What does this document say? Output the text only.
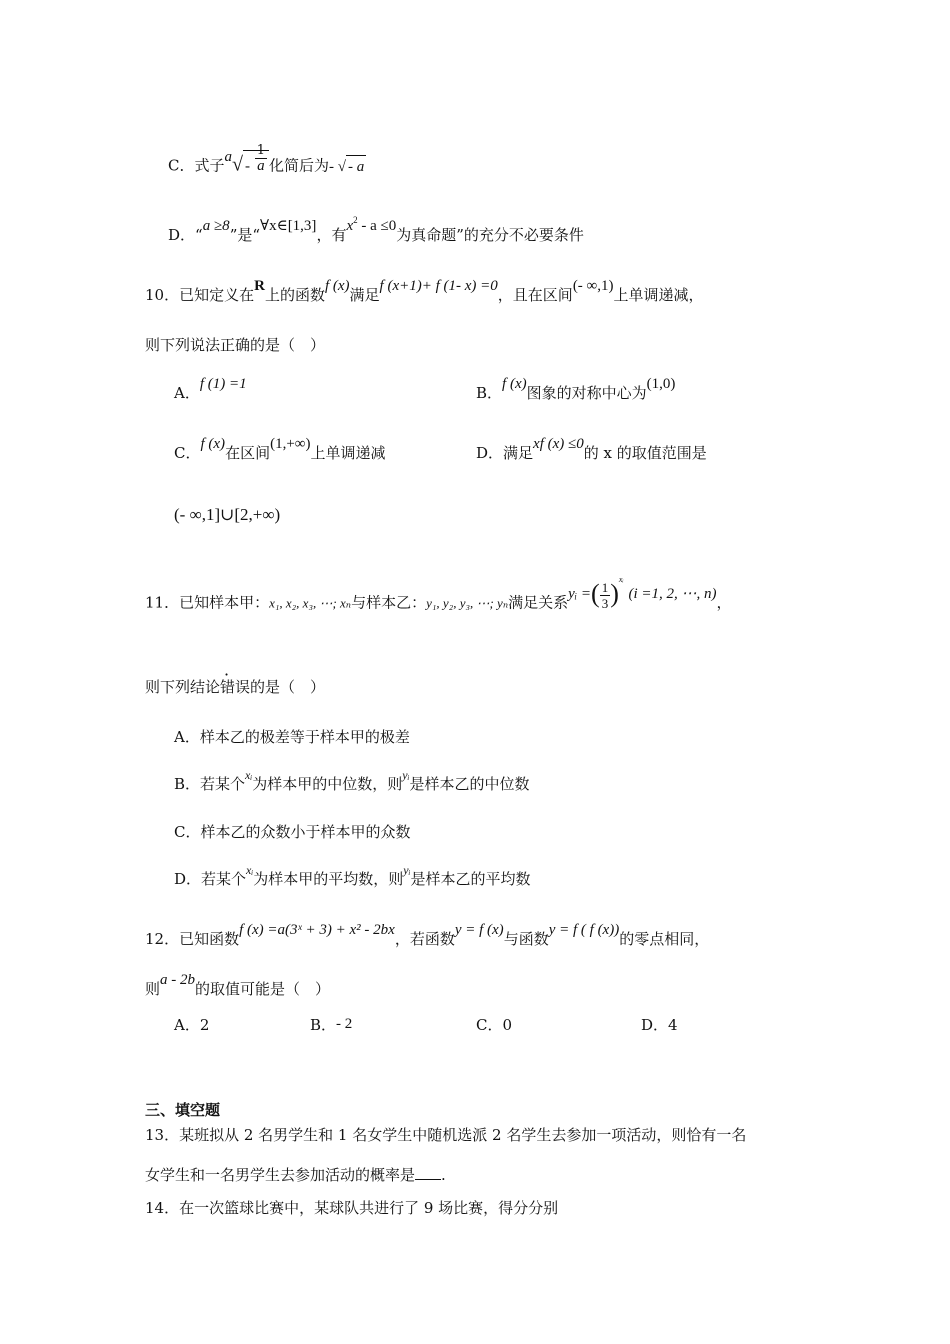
C．式子$a√ - \frac{1}{a}$ 化简后为- √ - a
D．“a ≥8”是“∀x∈[1,3]，有$x^2 - a \le 0$为真命题”的充分不必要条件
10．已知定义在R上的函数f (x)满足f (x+1)+ f (1- x) =0，且在区间(- ∞,1)上单调递减，
则下列说法正确的是（　）
A．f (1) =1	B．f (x)图象的对称中心为(1,0)
C．f (x)在区间(1,+∞)上单调递减	D．满足xf (x) ≤0的 x 的取值范围是
(- ∞,1]∪[2,+∞)
11．已知样本甲：x₁, x₂, x₃, ⋯; xₙ与样本乙：y₁, y₂, y₃, ⋯; yₙ满足关系yᵢ =( $\frac{1}{3} )^{xᵢ}$ (i =1, 2, ⋯, n)，
则下列结论错误的是（　）
A．样本乙的极差等于样本甲的极差
B．若某个$^{xᵢ}$为样本甲的中位数，则$^{yᵢ}$是样本乙的中位数
C．样本乙的众数小于样本甲的众数
D．若某个$^{xᵢ}$为样本甲的平均数，则$^{yᵢ}$是样本乙的平均数
12．已知函数f (x) =a(3ˣ + 3) + x² - 2bx，若函数y = f (x)与函数y = f ( f (x))的零点相同，
则a - 2b的取值可能是（　）
A．2	B．- 2	C．0	D．4
三、填空题
13．某班拟从 2 名男学生和 1 名女学生中随机选派 2 名学生去参加一项活动，则恰有一名
女学生和一名男学生去参加活动的概率是 .
14．在一次篮球比赛中，某球队共进行了 9 场比赛，得分分别
